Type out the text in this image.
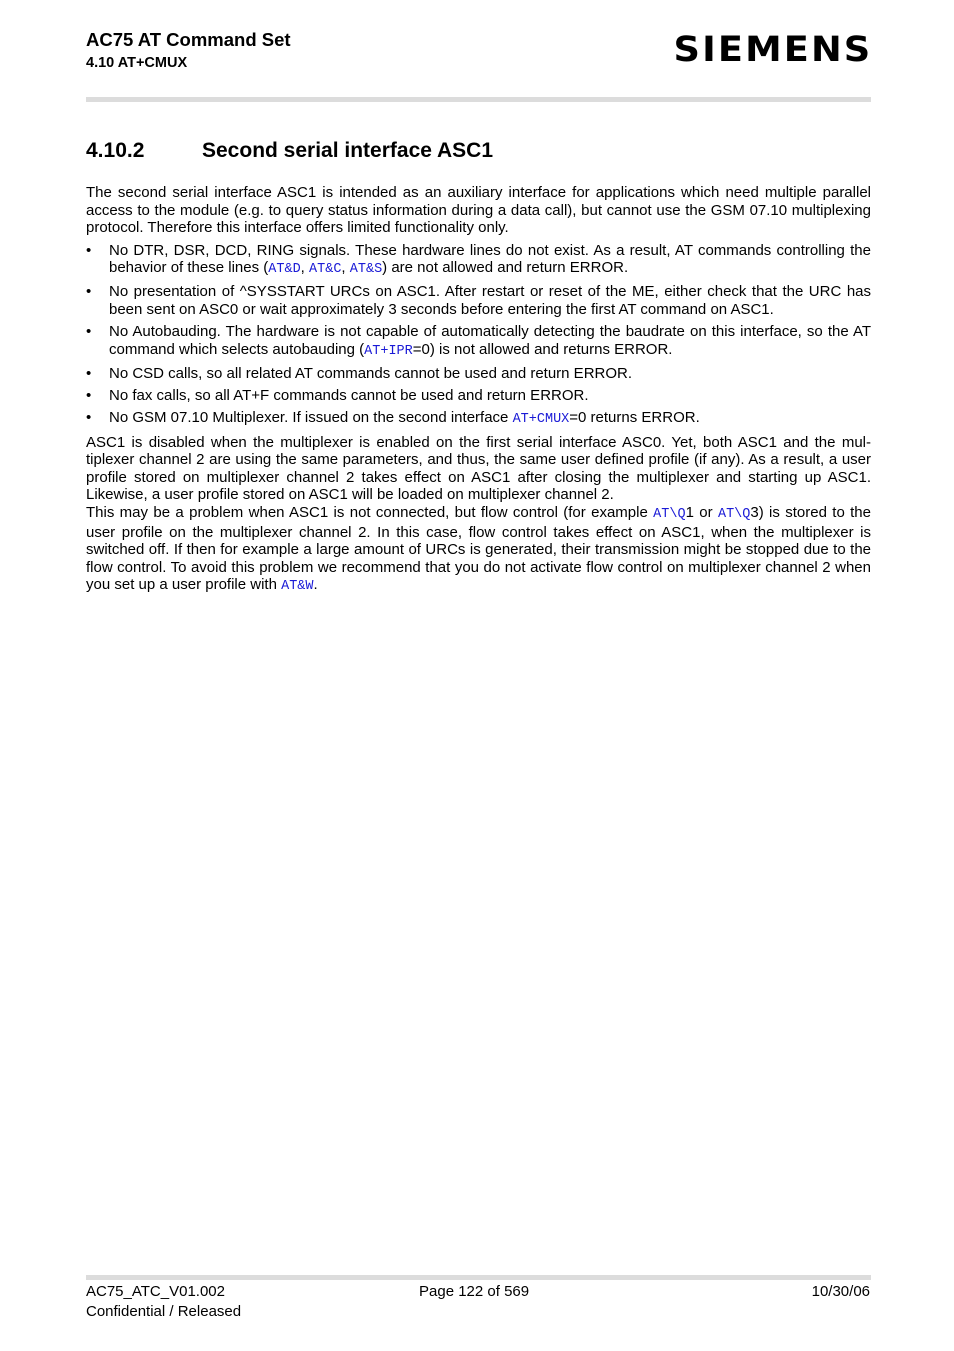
AC75 AT Command Set
4.10 AT+CMUX	SIEMENS
4.10.2	Second serial interface ASC1

The second serial interface ASC1 is intended as an auxiliary interface for applications which need multiple parallel access to the module (e.g. to query status information during a data call), but cannot use the GSM 07.10 multiplexing protocol. Therefore this interface offers limited functionality only.

• No DTR, DSR, DCD, RING signals. These hardware lines do not exist. As a result, AT commands controlling the behavior of these lines (AT&D, AT&C, AT&S) are not allowed and return ERROR.
• No presentation of ^SYSSTART URCs on ASC1. After restart or reset of the ME, either check that the URC has been sent on ASC0 or wait approximately 3 seconds before entering the first AT command on ASC1.
• No Autobauding. The hardware is not capable of automatically detecting the baudrate on this interface, so the AT command which selects autobauding (AT+IPR=0) is not allowed and returns ERROR.
• No CSD calls, so all related AT commands cannot be used and return ERROR.
• No fax calls, so all AT+F commands cannot be used and return ERROR.
• No GSM 07.10 Multiplexer. If issued on the second interface AT+CMUX=0 returns ERROR.

ASC1 is disabled when the multiplexer is enabled on the first serial interface ASC0. Yet, both ASC1 and the multiplexer channel 2 are using the same parameters, and thus, the same user defined profile (if any). As a result, a user profile stored on multiplexer channel 2 takes effect on ASC1 after closing the multiplexer and starting up ASC1. Likewise, a user profile stored on ASC1 will be loaded on multiplexer channel 2.

This may be a problem when ASC1 is not connected, but flow control (for example AT\Q1 or AT\Q3) is stored to the user profile on the multiplexer channel 2. In this case, flow control takes effect on ASC1, when the multiplexer is switched off. If then for example a large amount of URCs is generated, their transmission might be stopped due to the flow control. To avoid this problem we recommend that you do not activate flow control on multiplexer channel 2 when you set up a user profile with AT&W.

AC75_ATC_V01.002
Confidential / Released
Page 122 of 569	10/30/06
